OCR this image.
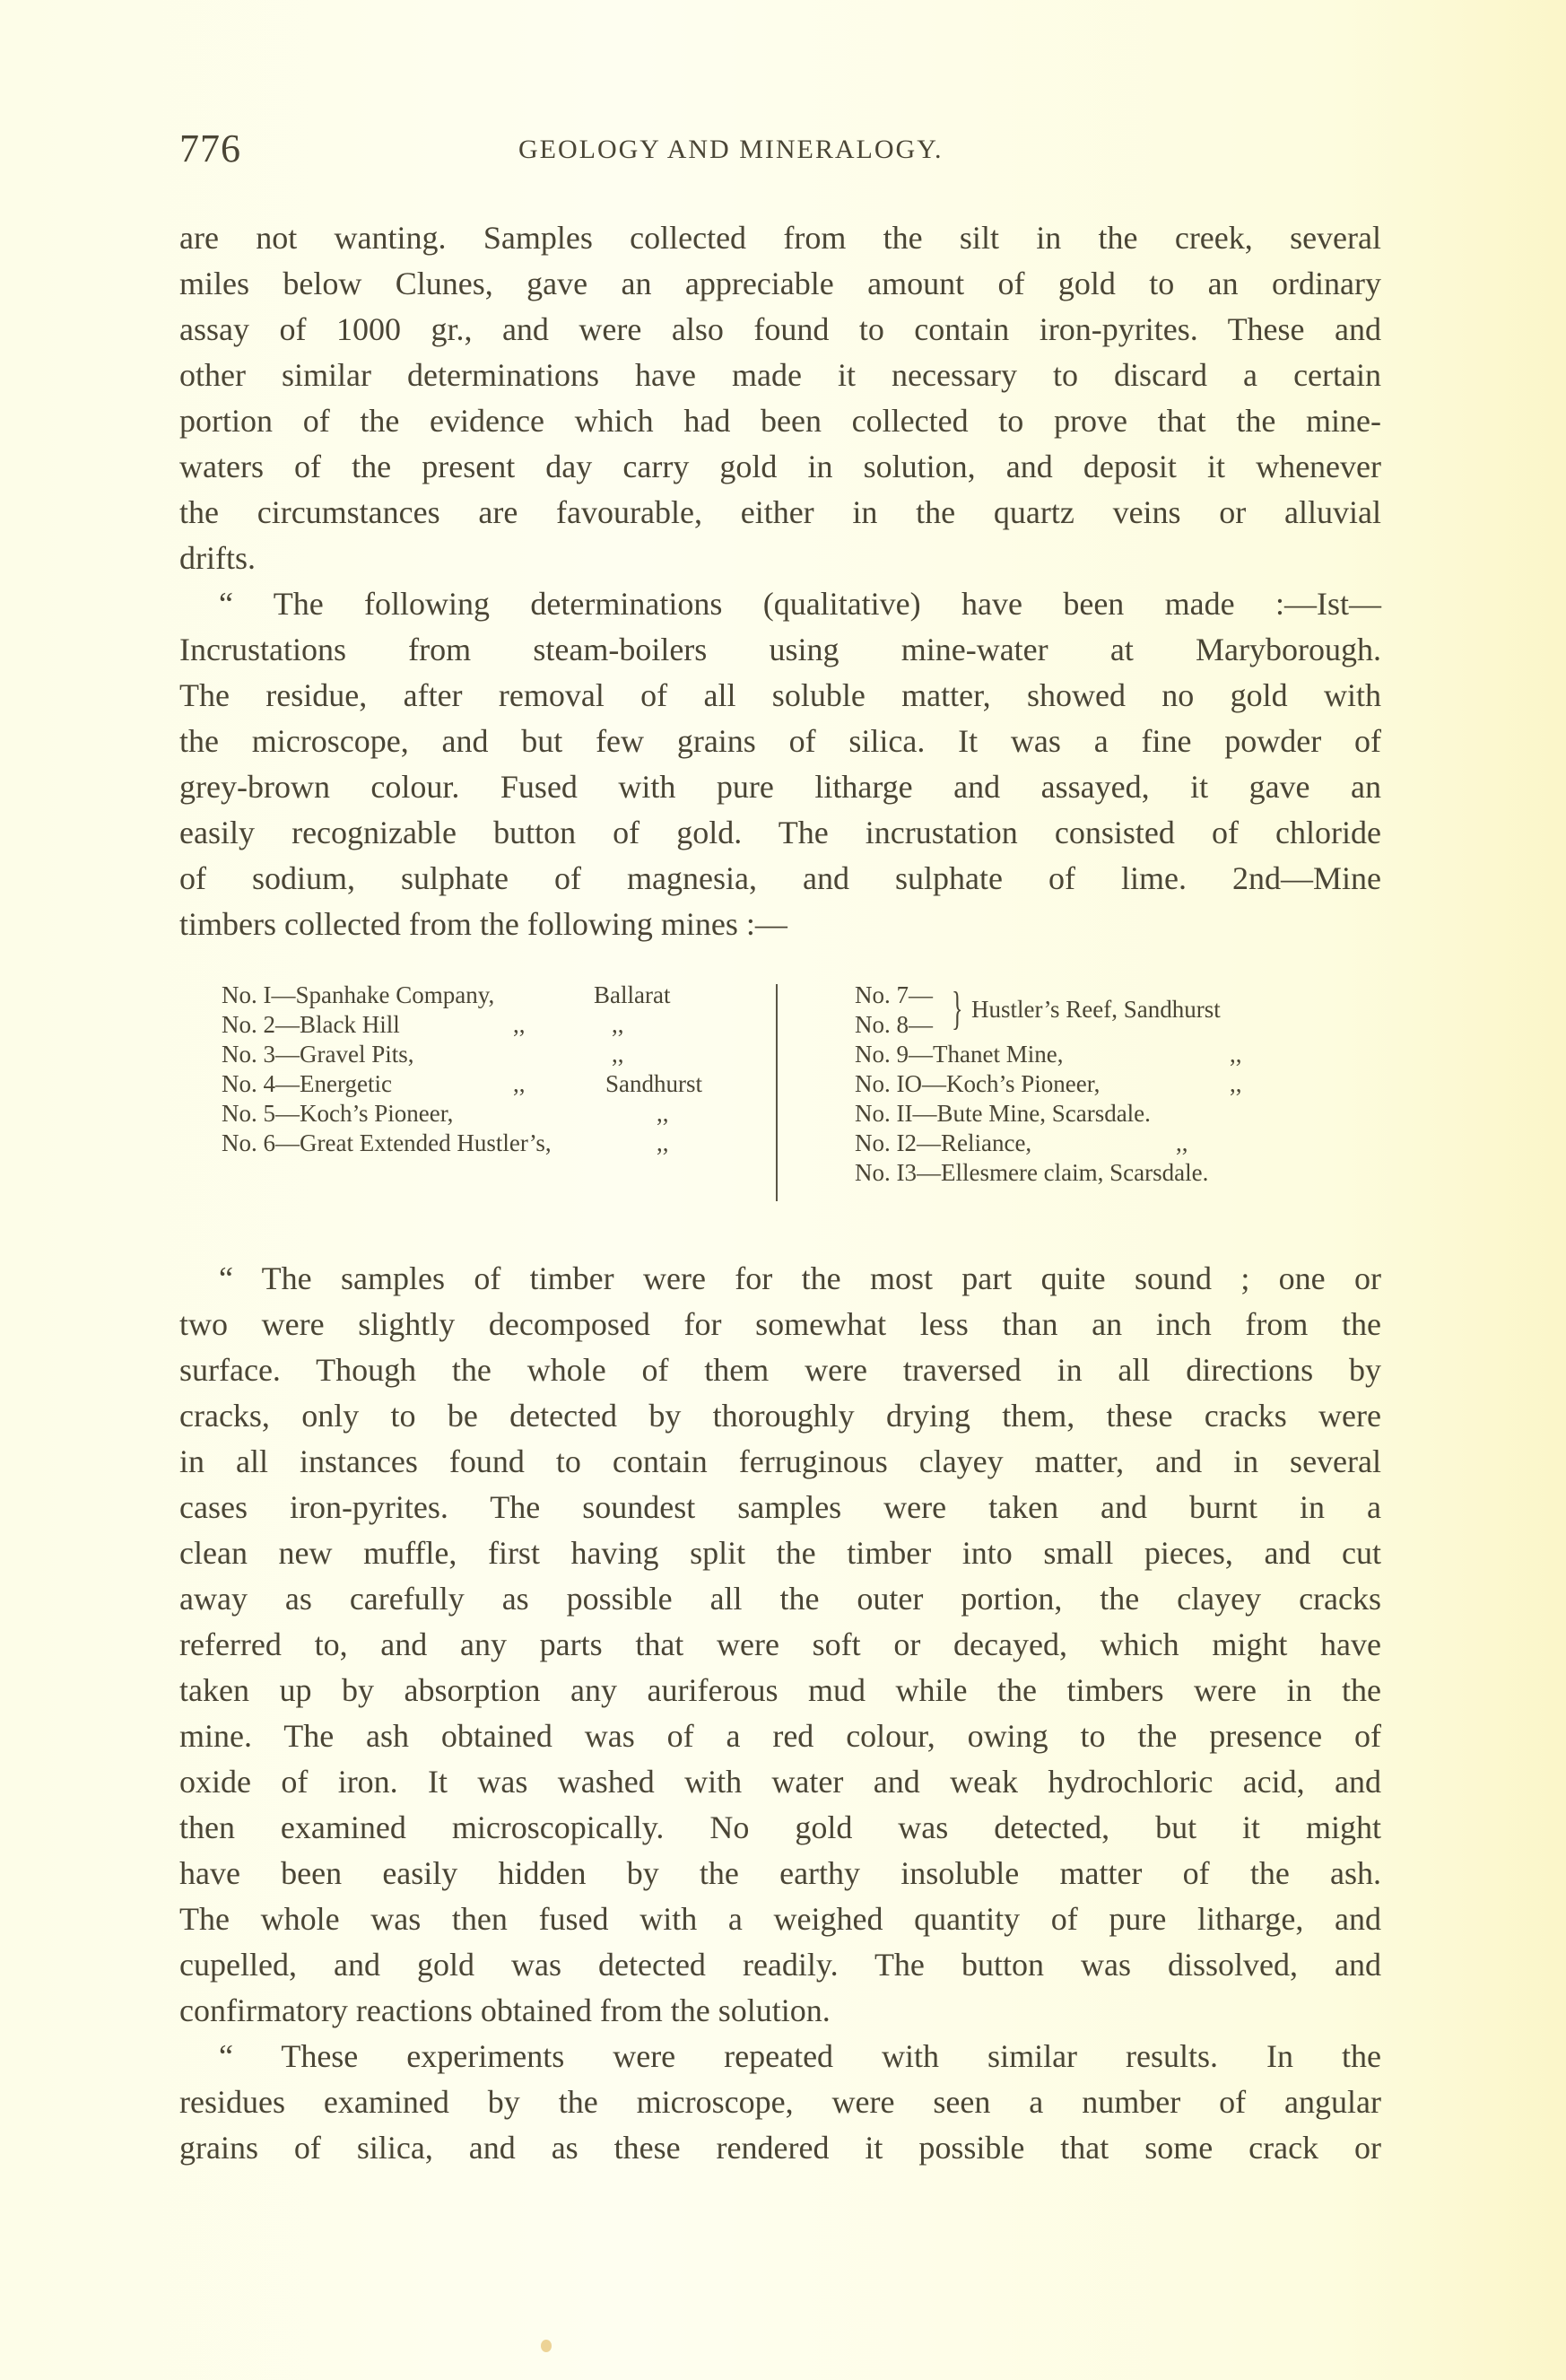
776	GEOLOGY AND MINERALOGY.
are not wanting. Samples collected from the silt in the creek, several
miles below Clunes, gave an appreciable amount of gold to an ordinary
assay of 1000 gr., and were also found to contain iron-pyrites. These and
other similar determinations have made it necessary to discard a certain
portion of the evidence which had been collected to prove that the mine-
waters of the present day carry gold in solution, and deposit it whenever
the circumstances are favourable, either in the quartz veins or alluvial
drifts.
“ The following determinations (qualitative) have been made :—Ist—
Incrustations from steam-boilers using mine-water at Maryborough.
The residue, after removal of all soluble matter, showed no gold with
the microscope, and but few grains of silica. It was a fine powder of
grey-brown colour. Fused with pure litharge and assayed, it gave an
easily recognizable button of gold. The incrustation consisted of chloride
of sodium, sulphate of magnesia, and sulphate of lime. 2nd—Mine
timbers collected from the following mines :—
No. I—Spanhake Company,	Ballarat
No. 2—Black Hill	,,	,,
No. 3—Gravel Pits,	,,
No. 4—Energetic	,,	Sandhurst
No. 5—Koch’s Pioneer,	,,
No. 6—Great Extended Hustler’s,	,,
No. 7—
No. 8— } Hustler’s Reef, Sandhurst
No. 9—Thanet Mine,	,,
No. IO—Koch’s Pioneer,	,,
No. II—Bute Mine, Scarsdale.
No. I2—Reliance,	,,
No. I3—Ellesmere claim, Scarsdale.
“ The samples of timber were for the most part quite sound ; one or
two were slightly decomposed for somewhat less than an inch from the
surface. Though the whole of them were traversed in all directions by
cracks, only to be detected by thoroughly drying them, these cracks were
in all instances found to contain ferruginous clayey matter, and in several
cases iron-pyrites. The soundest samples were taken and burnt in a
clean new muffle, first having split the timber into small pieces, and cut
away as carefully as possible all the outer portion, the clayey cracks
referred to, and any parts that were soft or decayed, which might have
taken up by absorption any auriferous mud while the timbers were in the
mine. The ash obtained was of a red colour, owing to the presence of
oxide of iron. It was washed with water and weak hydrochloric acid, and
then examined microscopically. No gold was detected, but it might
have been easily hidden by the earthy insoluble matter of the ash.
The whole was then fused with a weighed quantity of pure litharge, and
cupelled, and gold was detected readily. The button was dissolved, and
confirmatory reactions obtained from the solution.
“ These experiments were repeated with similar results. In the
residues examined by the microscope, were seen a number of angular
grains of silica, and as these rendered it possible that some crack or
